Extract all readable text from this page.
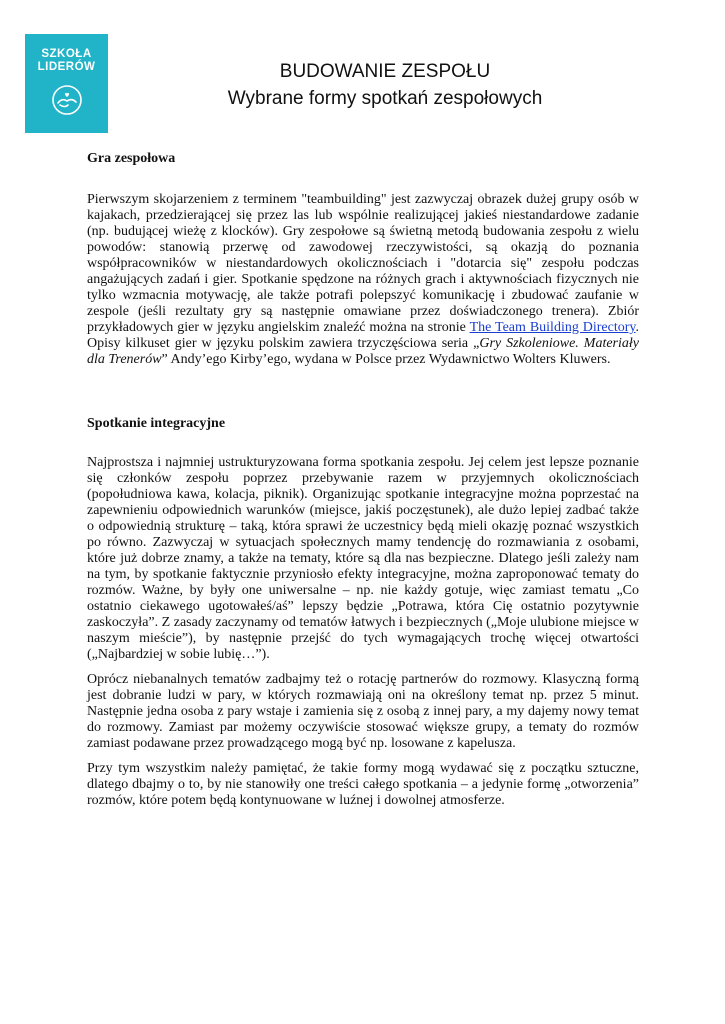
SZKOŁA
LIDERÓW	BUDOWANIE ZESPOŁU
Wybrane formy spotkań zespołowych
Gra zespołowa

Pierwszym skojarzeniem z terminem "teambuilding" jest zazwyczaj obrazek dużej grupy osób w kajakach, przedzierającej się przez las lub wspólnie realizującej jakieś niestandardowe zadanie (np. budującej wieżę z klocków). Gry zespołowe są świetną metodą budowania zespołu z wielu powodów: stanowią przerwę od zawodowej rzeczywistości, są okazją do poznania współpracowników w niestandardowych okolicznościach i "dotarcia się" zespołu podczas angażujących zadań i gier. Spotkanie spędzone na różnych grach i aktywnościach fizycznych nie tylko wzmacnia motywację, ale także potrafi polepszyć komunikację i zbudować zaufanie w zespole (jeśli rezultaty gry są następnie omawiane przez doświadczonego trenera). Zbiór przykładowych gier w języku angielskim znaleźć można na stronie The Team Building Directory. Opisy kilkuset gier w języku polskim zawiera trzyczęściowa seria „Gry Szkoleniowe. Materiały dla Trenerów” Andy’ego Kirby’ego, wydana w Polsce przez Wydawnictwo Wolters Kluwers.

Spotkanie integracyjne

Najprostsza i najmniej ustrukturyzowana forma spotkania zespołu. Jej celem jest lepsze poznanie się członków zespołu poprzez przebywanie razem w przyjemnych okolicznościach (popołudniowa kawa, kolacja, piknik). Organizując spotkanie integracyjne można poprzestać na zapewnieniu odpowiednich warunków (miejsce, jakiś poczęstunek), ale dużo lepiej zadbać także o odpowiednią strukturę – taką, która sprawi że uczestnicy będą mieli okazję poznać wszystkich po równo. Zazwyczaj w sytuacjach społecznych mamy tendencję do rozmawiania z osobami, które już dobrze znamy, a także na tematy, które są dla nas bezpieczne. Dlatego jeśli zależy nam na tym, by spotkanie faktycznie przyniosło efekty integracyjne, można zaproponować tematy do rozmów. Ważne, by były one uniwersalne – np. nie każdy gotuje, więc zamiast tematu „Co ostatnio ciekawego ugotowałeś/aś” lepszy będzie „Potrawa, która Cię ostatnio pozytywnie zaskoczyła”. Z zasady zaczynamy od tematów łatwych i bezpiecznych („Moje ulubione miejsce w naszym mieście”), by następnie przejść do tych wymagających trochę więcej otwartości („Najbardziej w sobie lubię…”).

Oprócz niebanalnych tematów zadbajmy też o rotację partnerów do rozmowy. Klasyczną formą jest dobranie ludzi w pary, w których rozmawiają oni na określony temat np. przez 5 minut. Następnie jedna osoba z pary wstaje i zamienia się z osobą z innej pary, a my dajemy nowy temat do rozmowy. Zamiast par możemy oczywiście stosować większe grupy, a tematy do rozmów zamiast podawane przez prowadzącego mogą być np. losowane z kapelusza.

Przy tym wszystkim należy pamiętać, że takie formy mogą wydawać się z początku sztuczne, dlatego dbajmy o to, by nie stanowiły one treści całego spotkania – a jedynie formę „otworzenia” rozmów, które potem będą kontynuowane w luźnej i dowolnej atmosferze.
